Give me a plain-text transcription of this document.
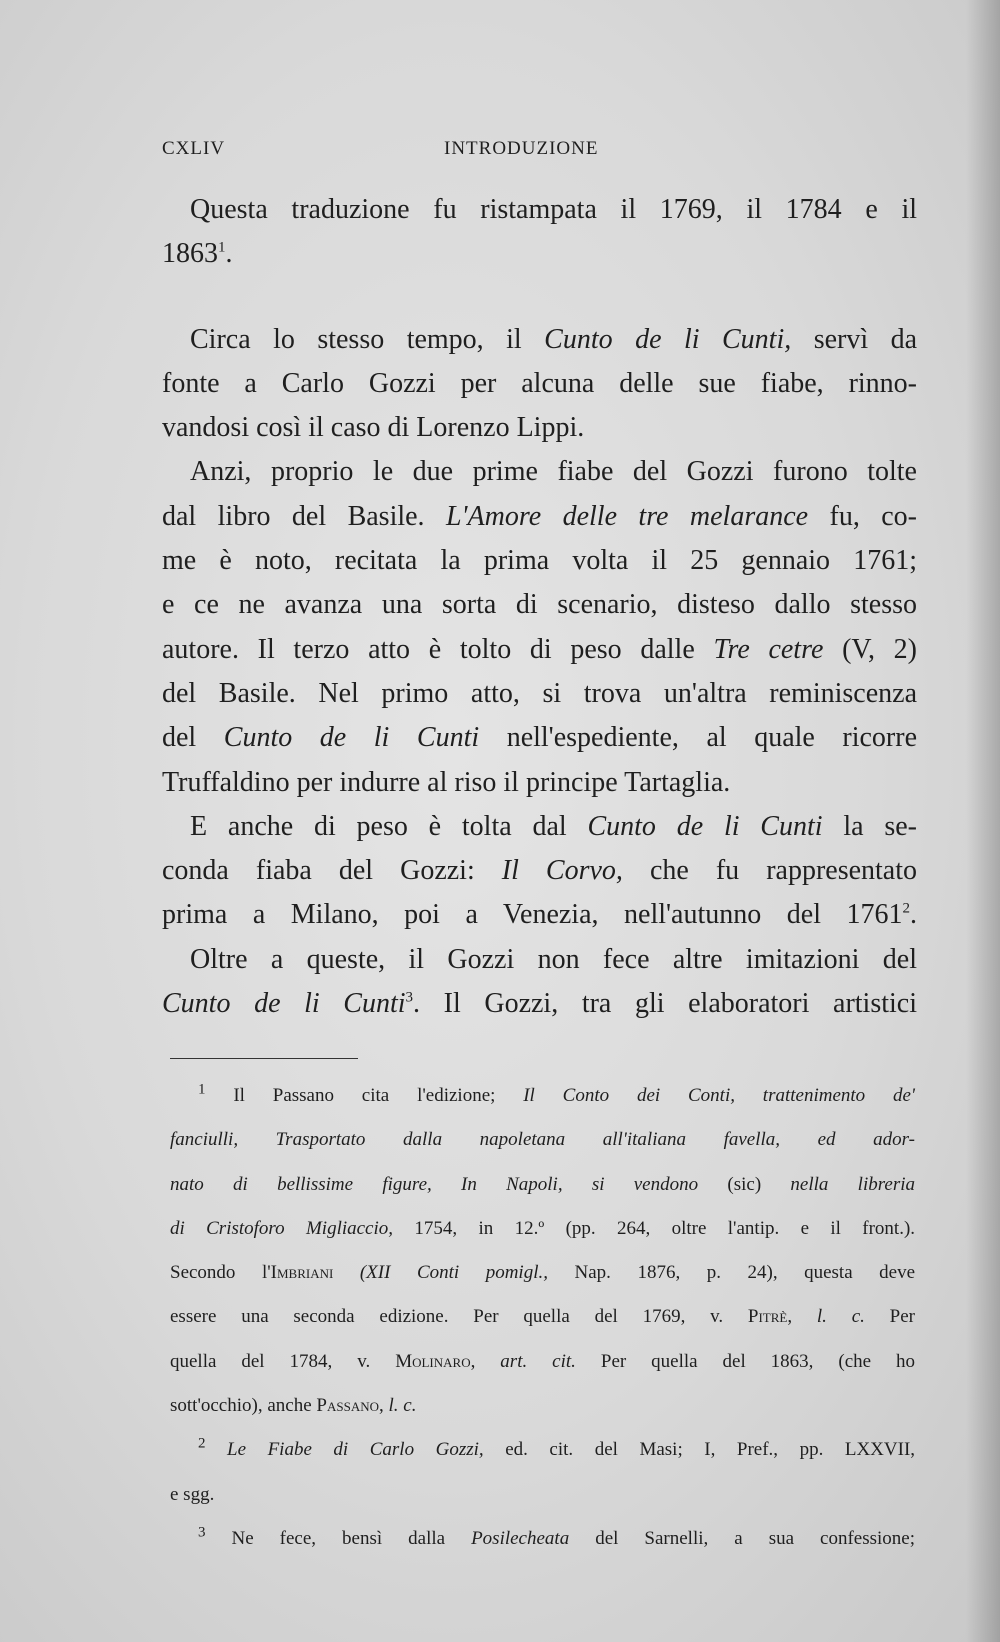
CXLIV	INTRODUZIONE
Questa traduzione fu ristampata il 1769, il 1784 e il
1863$^1$.
Circa lo stesso tempo, il Cunto de li Cunti, servì da
fonte a Carlo Gozzi per alcuna delle sue fiabe, rinno-
vandosi così il caso di Lorenzo Lippi.
Anzi, proprio le due prime fiabe del Gozzi furono tolte
dal libro del Basile. L'Amore delle tre melarance fu, co-
me è noto, recitata la prima volta il 25 gennaio 1761;
e ce ne avanza una sorta di scenario, disteso dallo stesso
autore. Il terzo atto è tolto di peso dalle Tre cetre (V, 2)
del Basile. Nel primo atto, si trova un'altra reminiscenza
del Cunto de li Cunti nell'espediente, al quale ricorre
Truffaldino per indurre al riso il principe Tartaglia.
E anche di peso è tolta dal Cunto de li Cunti la se-
conda fiaba del Gozzi: Il Corvo, che fu rappresentato
prima a Milano, poi a Venezia, nell'autunno del 1761$^2$.
Oltre a queste, il Gozzi non fece altre imitazioni del
Cunto de li Cunti$^3$. Il Gozzi, tra gli elaboratori artistici
$^1$ Il Passano cita l'edizione; Il Conto dei Conti, trattenimento de'
fanciulli, Trasportato dalla napoletana all'italiana favella, ed ador-
nato di bellissime figure, In Napoli, si vendono (sic) nella libreria
di Cristoforo Migliaccio, 1754, in 12.º (pp. 264, oltre l'antip. e il front.).
Secondo l'Imbriani (XII Conti pomigl., Nap. 1876, p. 24), questa deve
essere una seconda edizione. Per quella del 1769, v. Pitrè, l. c. Per
quella del 1784, v. Molinaro, art. cit. Per quella del 1863, (che ho
sott'occhio), anche Passano, l. c.
$^2$ Le Fiabe di Carlo Gozzi, ed. cit. del Masi; I, Pref., pp. LXXVII,
e sgg.
$^3$ Ne fece, bensì dalla Posilecheata del Sarnelli, a sua confessione;
